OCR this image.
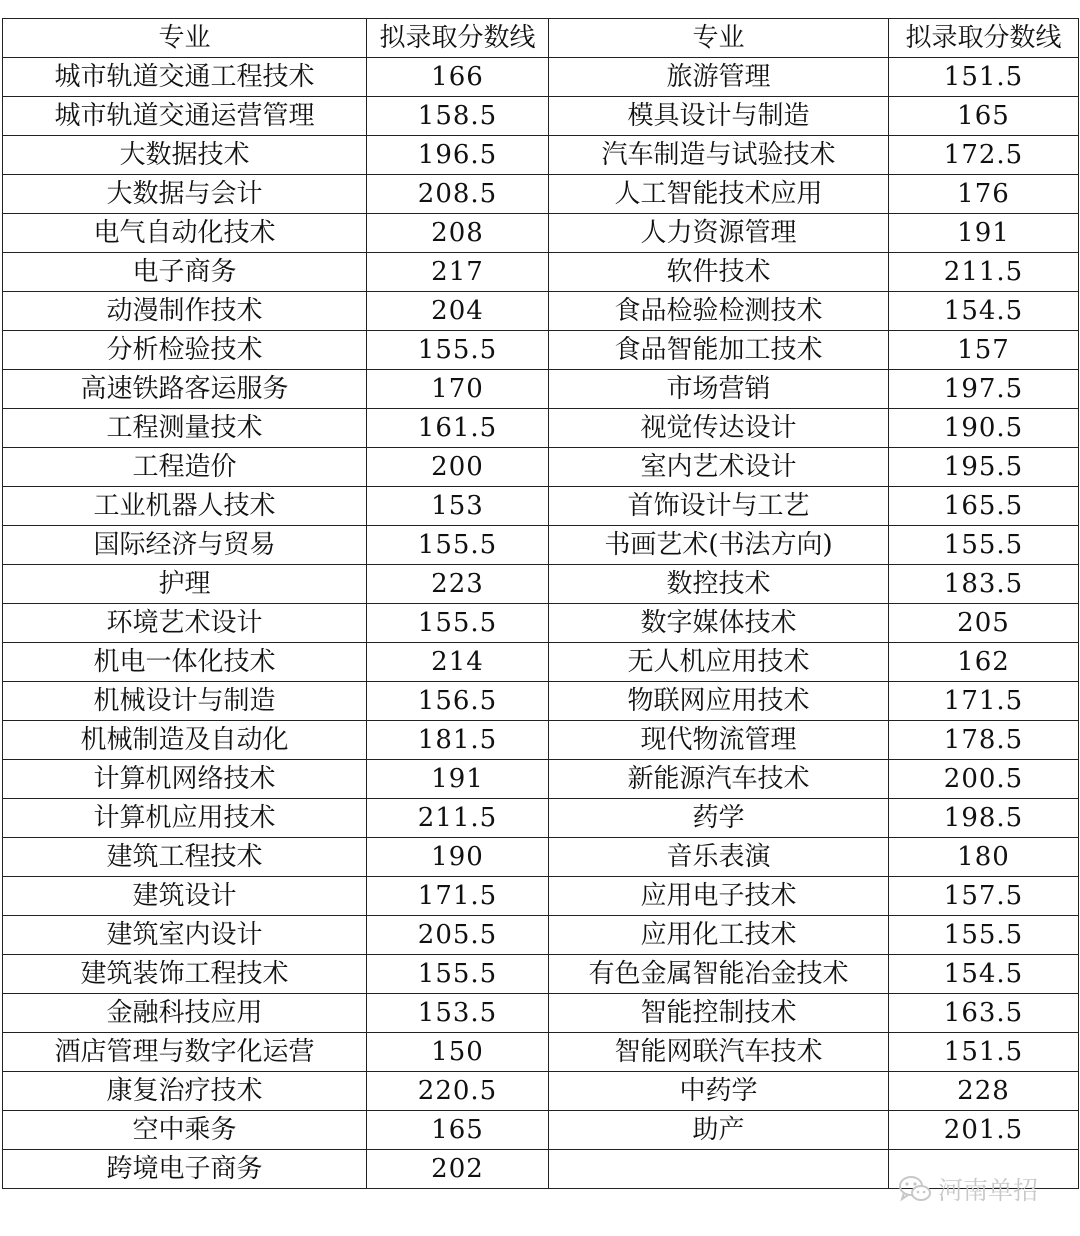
专业	拟录取分数线	专业	拟录取分数线
城市轨道交通工程技术	166	旅游管理	151.5
城市轨道交通运营管理	158.5	模具设计与制造	165
大数据技术	196.5	汽车制造与试验技术	172.5
大数据与会计	208.5	人工智能技术应用	176
电气自动化技术	208	人力资源管理	191
电子商务	217	软件技术	211.5
动漫制作技术	204	食品检验检测技术	154.5
分析检验技术	155.5	食品智能加工技术	157
高速铁路客运服务	170	市场营销	197.5
工程测量技术	161.5	视觉传达设计	190.5
工程造价	200	室内艺术设计	195.5
工业机器人技术	153	首饰设计与工艺	165.5
国际经济与贸易	155.5	书画艺术(书法方向)	155.5
护理	223	数控技术	183.5
环境艺术设计	155.5	数字媒体技术	205
机电一体化技术	214	无人机应用技术	162
机械设计与制造	156.5	物联网应用技术	171.5
机械制造及自动化	181.5	现代物流管理	178.5
计算机网络技术	191	新能源汽车技术	200.5
计算机应用技术	211.5	药学	198.5
建筑工程技术	190	音乐表演	180
建筑设计	171.5	应用电子技术	157.5
建筑室内设计	205.5	应用化工技术	155.5
建筑装饰工程技术	155.5	有色金属智能冶金技术	154.5
金融科技应用	153.5	智能控制技术	163.5
酒店管理与数字化运营	150	智能网联汽车技术	151.5
康复治疗技术	220.5	中药学	228
空中乘务	165	助产	201.5
跨境电子商务	202		
河南单招
